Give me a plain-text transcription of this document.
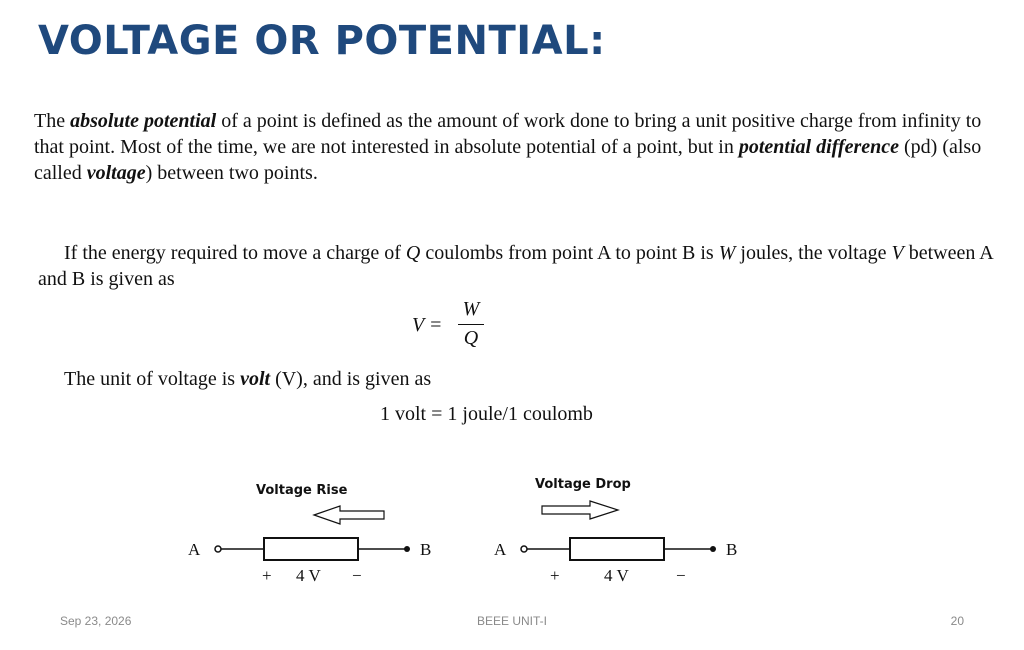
VOLTAGE OR POTENTIAL:
The absolute potential of a point is defined as the amount of work done to bring a unit positive charge from infinity to that point. Most of the time, we are not interested in absolute potential of a point, but in potential difference (pd) (also called voltage) between two points.
If the energy required to move a charge of Q coulombs from point A to point B is W joules, the voltage V between A and B is given as
V =
W
Q
The unit of voltage is volt (V), and is given as
1 volt = 1 joule/1 coulomb
Voltage Rise
A	B
+ 4 V −
Voltage Drop
A	B
+	4 V	−
Sep 23, 2026	BEEE UNIT-I	20
